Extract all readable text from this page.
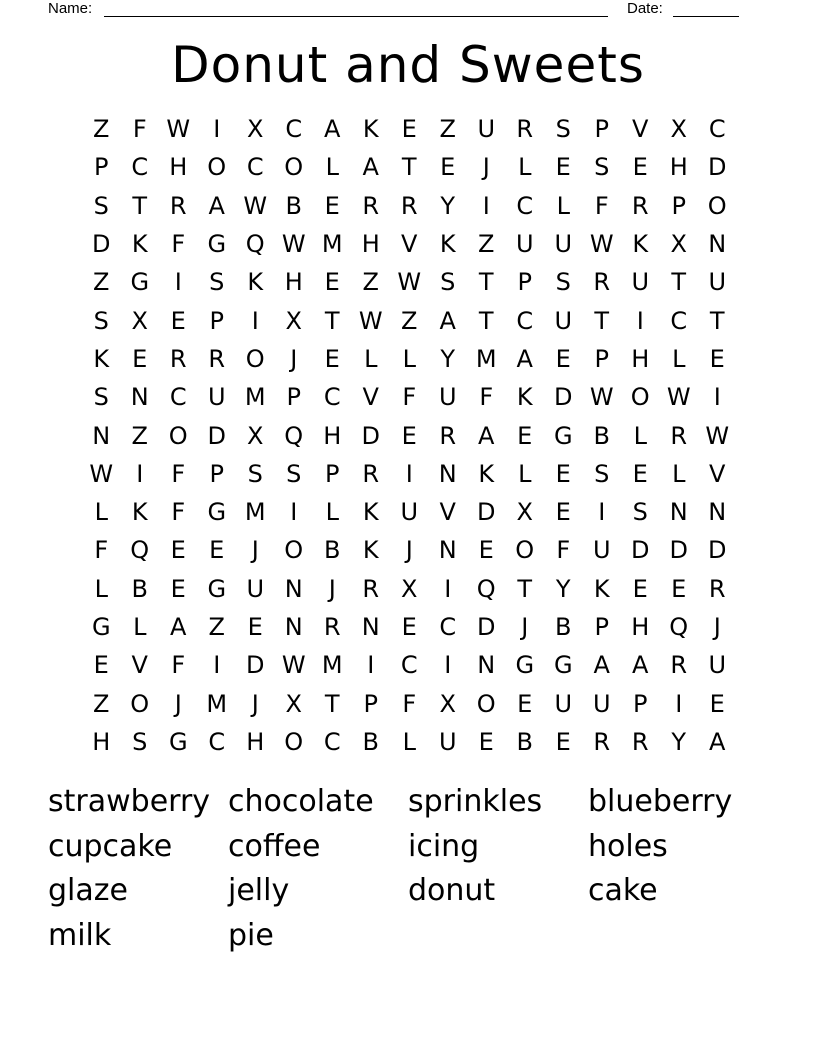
Name:	Date:
Donut and Sweets
Z F W I	X C A K E Z U R S P V X C
P C H O C O L A T E	J	L	E S E H D
S T R A W B E R R Y	I	C L	F R P O
D K F G Q W M H V K Z U U W K X N
Z G	I	S K H E Z W S T P S R U T U
S X E P	I	X T W Z A T C U T	I	C T
K E R R O	J	E	L	L	Y M A E P H L	E
S N C U M P C V F U F K D W O W I
N Z O D X Q H D E R A E G B L R W
W I	F	P S S P R	I	N K L	E S E	L V
L K F G M	I	L K U V D X E	I	S N N
F Q E E	J	O B K	J	N E O F U D D D
L B E G U N	J	R X	I	Q T Y K E E R
G L A Z E N R N E C D	J	B P H Q	J
E V F	I	D W M	I	C	I	N G G A A R U
Z O	J	M	J	X T P	F X O E U U P	I	E
H S G C H O C B L U E B E R R Y A
strawberry chocolate	sprinkles	blueberry
cupcake	coffee	icing	holes
glaze	jelly	donut	cake
milk	pie
